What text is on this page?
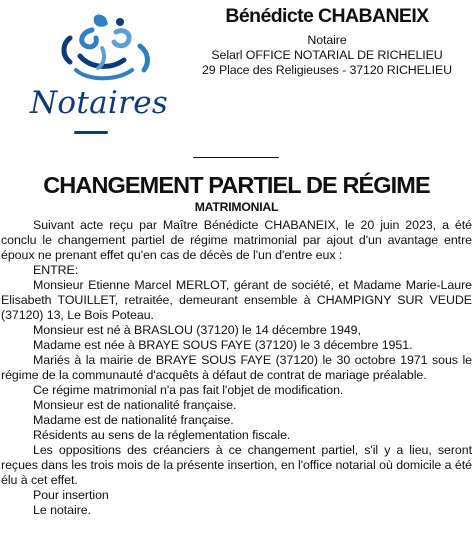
Notaires
Bénédicte CHABANEIX
Notaire
Selarl OFFICE NOTARIAL DE RICHELIEU
29 Place des Religieuses - 37120 RICHELIEU
CHANGEMENT PARTIEL DE RÉGIME
MATRIMONIAL

Suivant acte reçu par Maître Bénédicte CHABANEIX, le 20 juin 2023, a été conclu le changement partiel de régime matrimonial par ajout d'un avantage entre époux ne prenant effet qu'en cas de décès de l'un d'entre eux :

ENTRE:

Monsieur Etienne Marcel MERLOT, gérant de société, et Madame Marie-Laure Elisabeth TOUILLET, retraitée, demeurant ensemble à CHAMPIGNY SUR VEUDE (37120) 13, Le Bois Poteau.

Monsieur est né à BRASLOU (37120) le 14 décembre 1949,

Madame est née à BRAYE SOUS FAYE (37120) le 3 décembre 1951.

Mariés à la mairie de BRAYE SOUS FAYE (37120) le 30 octobre 1971 sous le régime de la communauté d'acquêts à défaut de contrat de mariage préalable.

Ce régime matrimonial n'a pas fait l'objet de modification.

Monsieur est de nationalité française.

Madame est de nationalité française.

Résidents au sens de la réglementation fiscale.

Les oppositions des créanciers à ce changement partiel, s'il y a lieu, seront reçues dans les trois mois de la présente insertion, en l'office notarial où domicile a été élu à cet effet.

Pour insertion

Le notaire.
